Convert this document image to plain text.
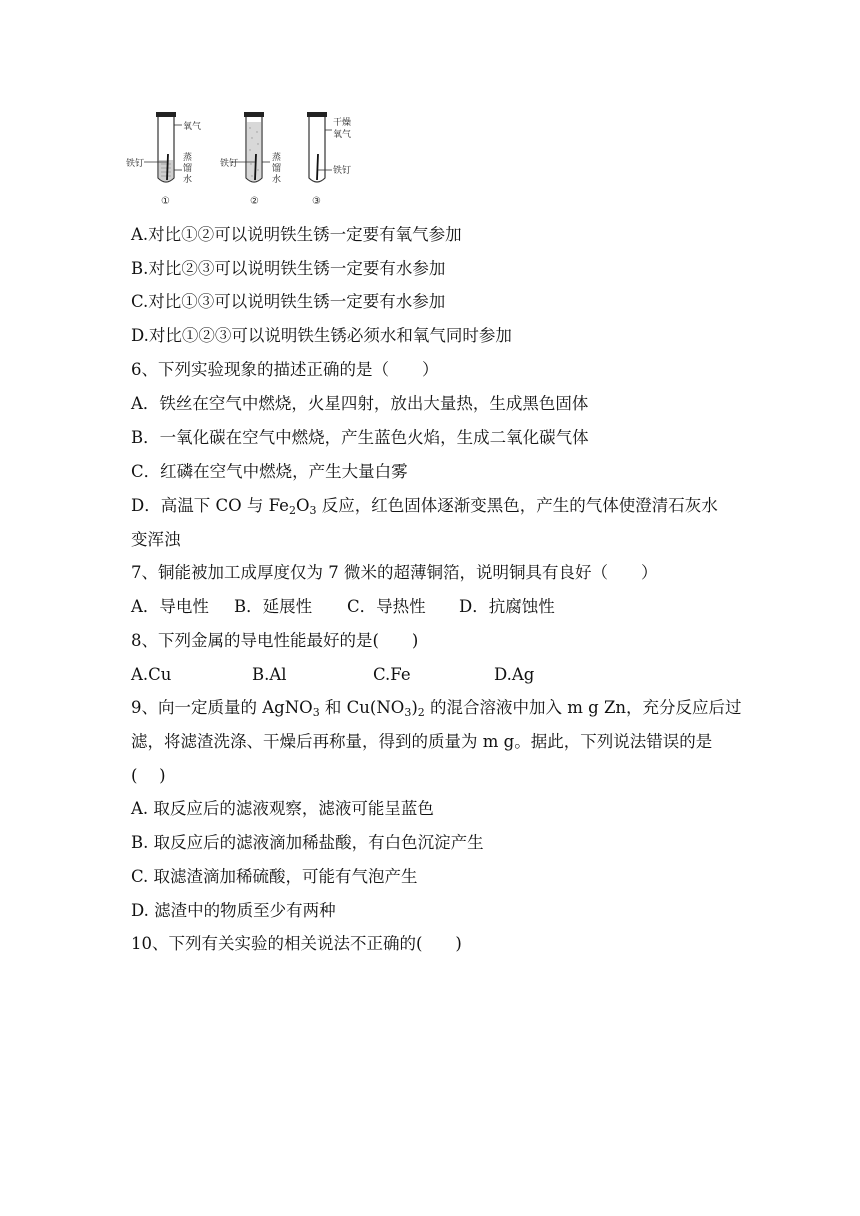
氧气
蒸
馏
水
铁钉
①
蒸
馏
水
铁钉
②
干燥
氧气
铁钉
③
A.对比①②可以说明铁生锈一定要有氧气参加
B.对比②③可以说明铁生锈一定要有水参加
C.对比①③可以说明铁生锈一定要有水参加
D.对比①②③可以说明铁生锈必须水和氧气同时参加
6、下列实验现象的描述正确的是（　　）
A．铁丝在空气中燃烧，火星四射，放出大量热，生成黑色固体
B．一氧化碳在空气中燃烧，产生蓝色火焰，生成二氧化碳气体
C．红磷在空气中燃烧，产生大量白雾
D．高温下 CO 与 $Fe_2O_3$ 反应，红色固体逐渐变黑色，产生的气体使澄清石灰水
变浑浊
7、铜能被加工成厚度仅为 7 微米的超薄铜箔，说明铜具有良好（　　）
A．导电性 B．延展性 C．导热性 D．抗腐蚀性
8、下列金属的导电性能最好的是(　　)
A.Cu	B.Al	C.Fe	D.Ag
9、向一定质量的 AgNO$_3$ 和 $Cu(NO_3)_2$ 的混合溶液中加入 m g Zn，充分反应后过
滤，将滤渣洗涤、干燥后再称量，得到的质量为 m g。据此，下列说法错误的是
(　 )
A. 取反应后的滤液观察，滤液可能呈蓝色
B. 取反应后的滤液滴加稀盐酸，有白色沉淀产生
C. 取滤渣滴加稀硫酸，可能有气泡产生
D. 滤渣中的物质至少有两种
10、下列有关实验的相关说法不正确的(　　)
